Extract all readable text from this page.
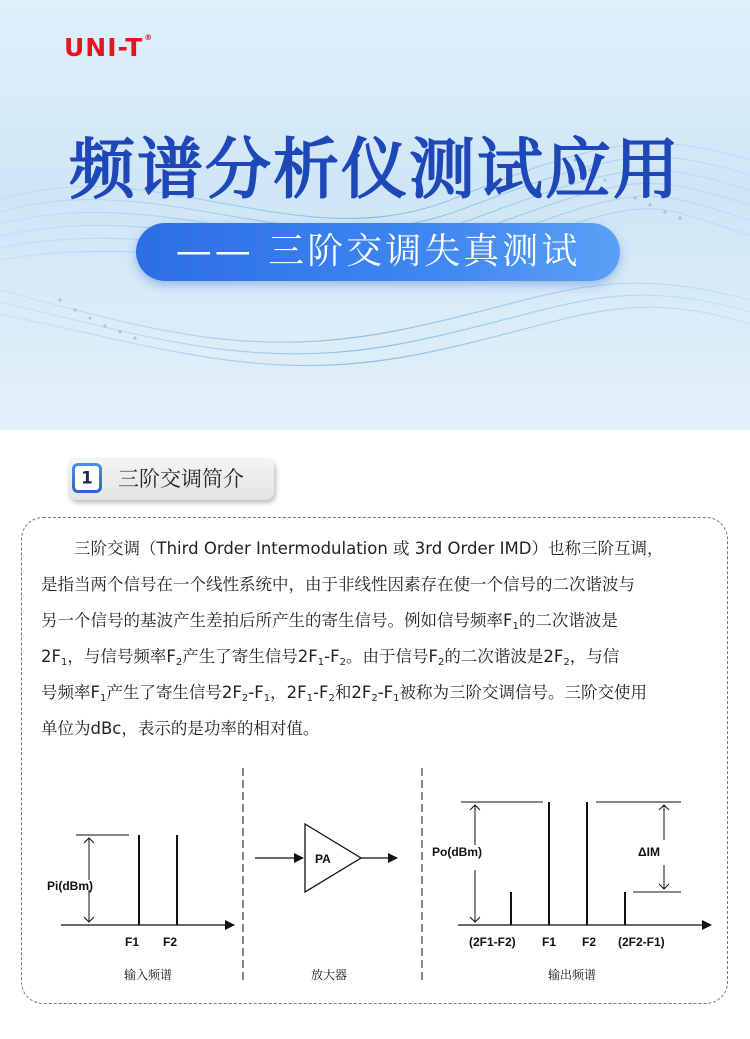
UNI-T®
频谱分析仪测试应用
—— 三阶交调失真测试
1 三阶交调简介

　　三阶交调（Third Order Intermodulation 或 3rd Order IMD）也称三阶互调，

是指当两个信号在一个线性系统中，由于非线性因素存在使一个信号的二次谐波与

另一个信号的基波产生差拍后所产生的寄生信号。例如信号频率$F_1$的二次谐波是

$2F_1$，与信号频率$F_2$产生了寄生信号$2F_1-F_2$。由于信号$F_2$的二次谐波是$2F_2$，与信

号频率$F_1$产生了寄生信号$2F_2-F_1$，$2F_1-F_2$和$2F_2-F_1$被称为三阶交调信号。三阶交使用

单位为dBc，表示的是功率的相对值。

Pi(dBm)
F1 F2
输入频谱
PA
放大器
Po(dBm)	ΔIM
(2F1-F2) F1 F2 (2F2-F1)
输出频谱
